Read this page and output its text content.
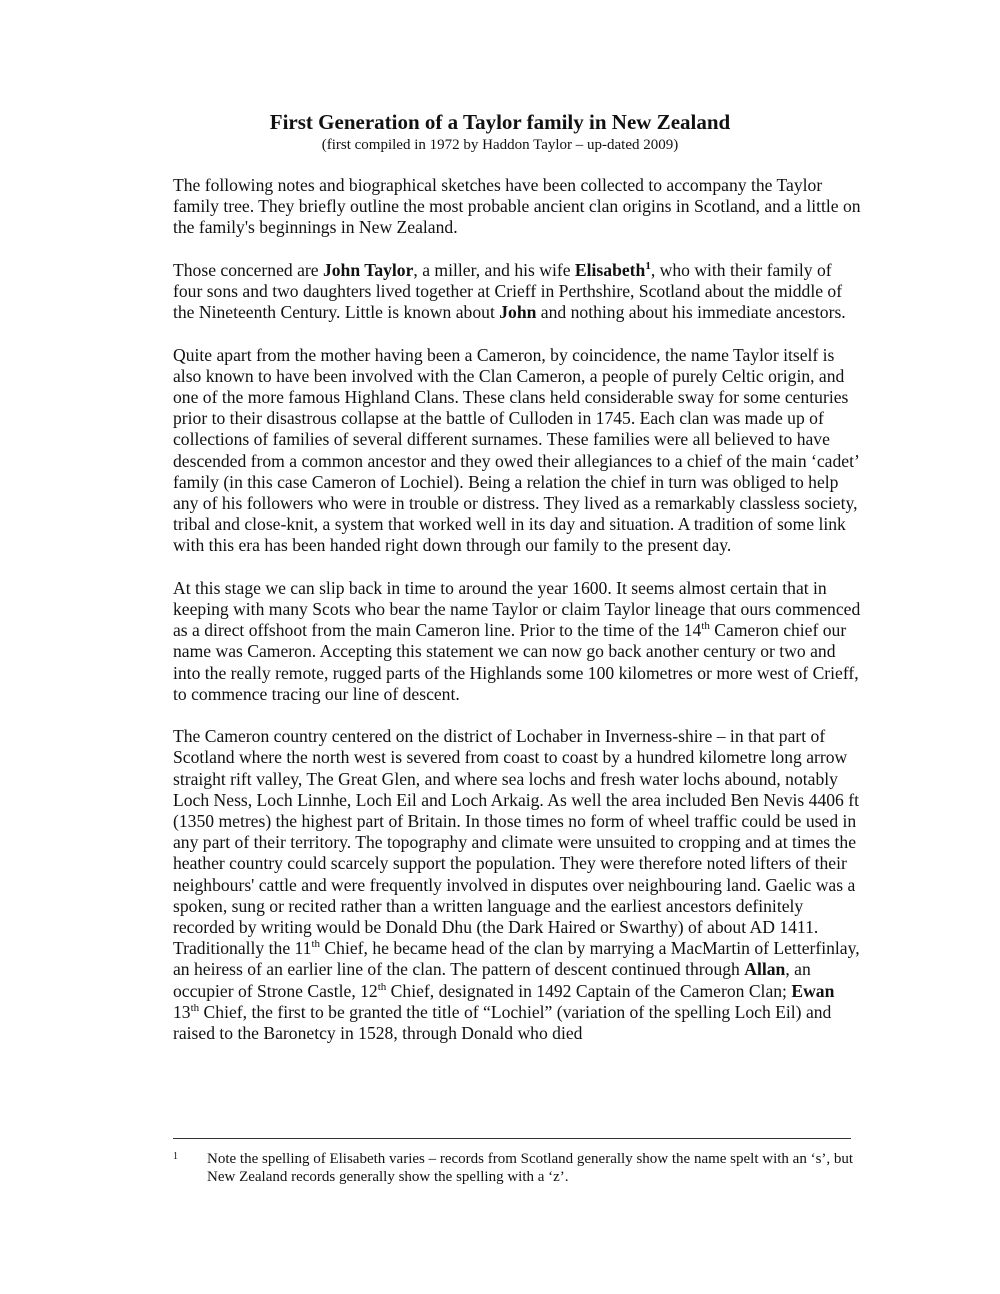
First Generation of a Taylor family in New Zealand
(first compiled in 1972 by Haddon Taylor – up-dated 2009)

The following notes and biographical sketches have been collected to accompany the Taylor family tree. They briefly outline the most probable ancient clan origins in Scotland, and a little on the family's beginnings in New Zealand.

Those concerned are John Taylor, a miller, and his wife Elisabeth$^1$, who with their family of four sons and two daughters lived together at Crieff in Perthshire, Scotland about the middle of the Nineteenth Century. Little is known about John and nothing about his immediate ancestors.

Quite apart from the mother having been a Cameron, by coincidence, the name Taylor itself is also known to have been involved with the Clan Cameron, a people of purely Celtic origin, and one of the more famous Highland Clans. These clans held considerable sway for some centuries prior to their disastrous collapse at the battle of Culloden in 1745. Each clan was made up of collections of families of several different surnames. These families were all believed to have descended from a common ancestor and they owed their allegiances to a chief of the main ‘cadet’ family (in this case Cameron of Lochiel). Being a relation the chief in turn was obliged to help any of his followers who were in trouble or distress. They lived as a remarkably classless society, tribal and close-knit, a system that worked well in its day and situation. A tradition of some link with this era has been handed right down through our family to the present day.

At this stage we can slip back in time to around the year 1600. It seems almost certain that in keeping with many Scots who bear the name Taylor or claim Taylor lineage that ours commenced as a direct offshoot from the main Cameron line. Prior to the time of the 14th Cameron chief our name was Cameron. Accepting this statement we can now go back another century or two and into the really remote, rugged parts of the Highlands some 100 kilometres or more west of Crieff, to commence tracing our line of descent.

The Cameron country centered on the district of Lochaber in Inverness-shire – in that part of Scotland where the north west is severed from coast to coast by a hundred kilometre long arrow straight rift valley, The Great Glen, and where sea lochs and fresh water lochs abound, notably Loch Ness, Loch Linnhe, Loch Eil and Loch Arkaig. As well the area included Ben Nevis 4406 ft (1350 metres) the highest part of Britain. In those times no form of wheel traffic could be used in any part of their territory. The topography and climate were unsuited to cropping and at times the heather country could scarcely support the population. They were therefore noted lifters of their neighbours' cattle and were frequently involved in disputes over neighbouring land. Gaelic was a spoken, sung or recited rather than a written language and the earliest ancestors definitely recorded by writing would be Donald Dhu (the Dark Haired or Swarthy) of about AD 1411. Traditionally the 11th Chief, he became head of the clan by marrying a MacMartin of Letterfinlay, an heiress of an earlier line of the clan. The pattern of descent continued through Allan, an occupier of Strone Castle, 12th Chief, designated in 1492 Captain of the Cameron Clan; Ewan 13th Chief, the first to be granted the title of “Lochiel” (variation of the spelling Loch Eil) and raised to the Baronetcy in 1528, through Donald who died

1 Note the spelling of Elisabeth varies – records from Scotland generally show the name spelt with an ‘s’, but New Zealand records generally show the spelling with a ‘z’.
